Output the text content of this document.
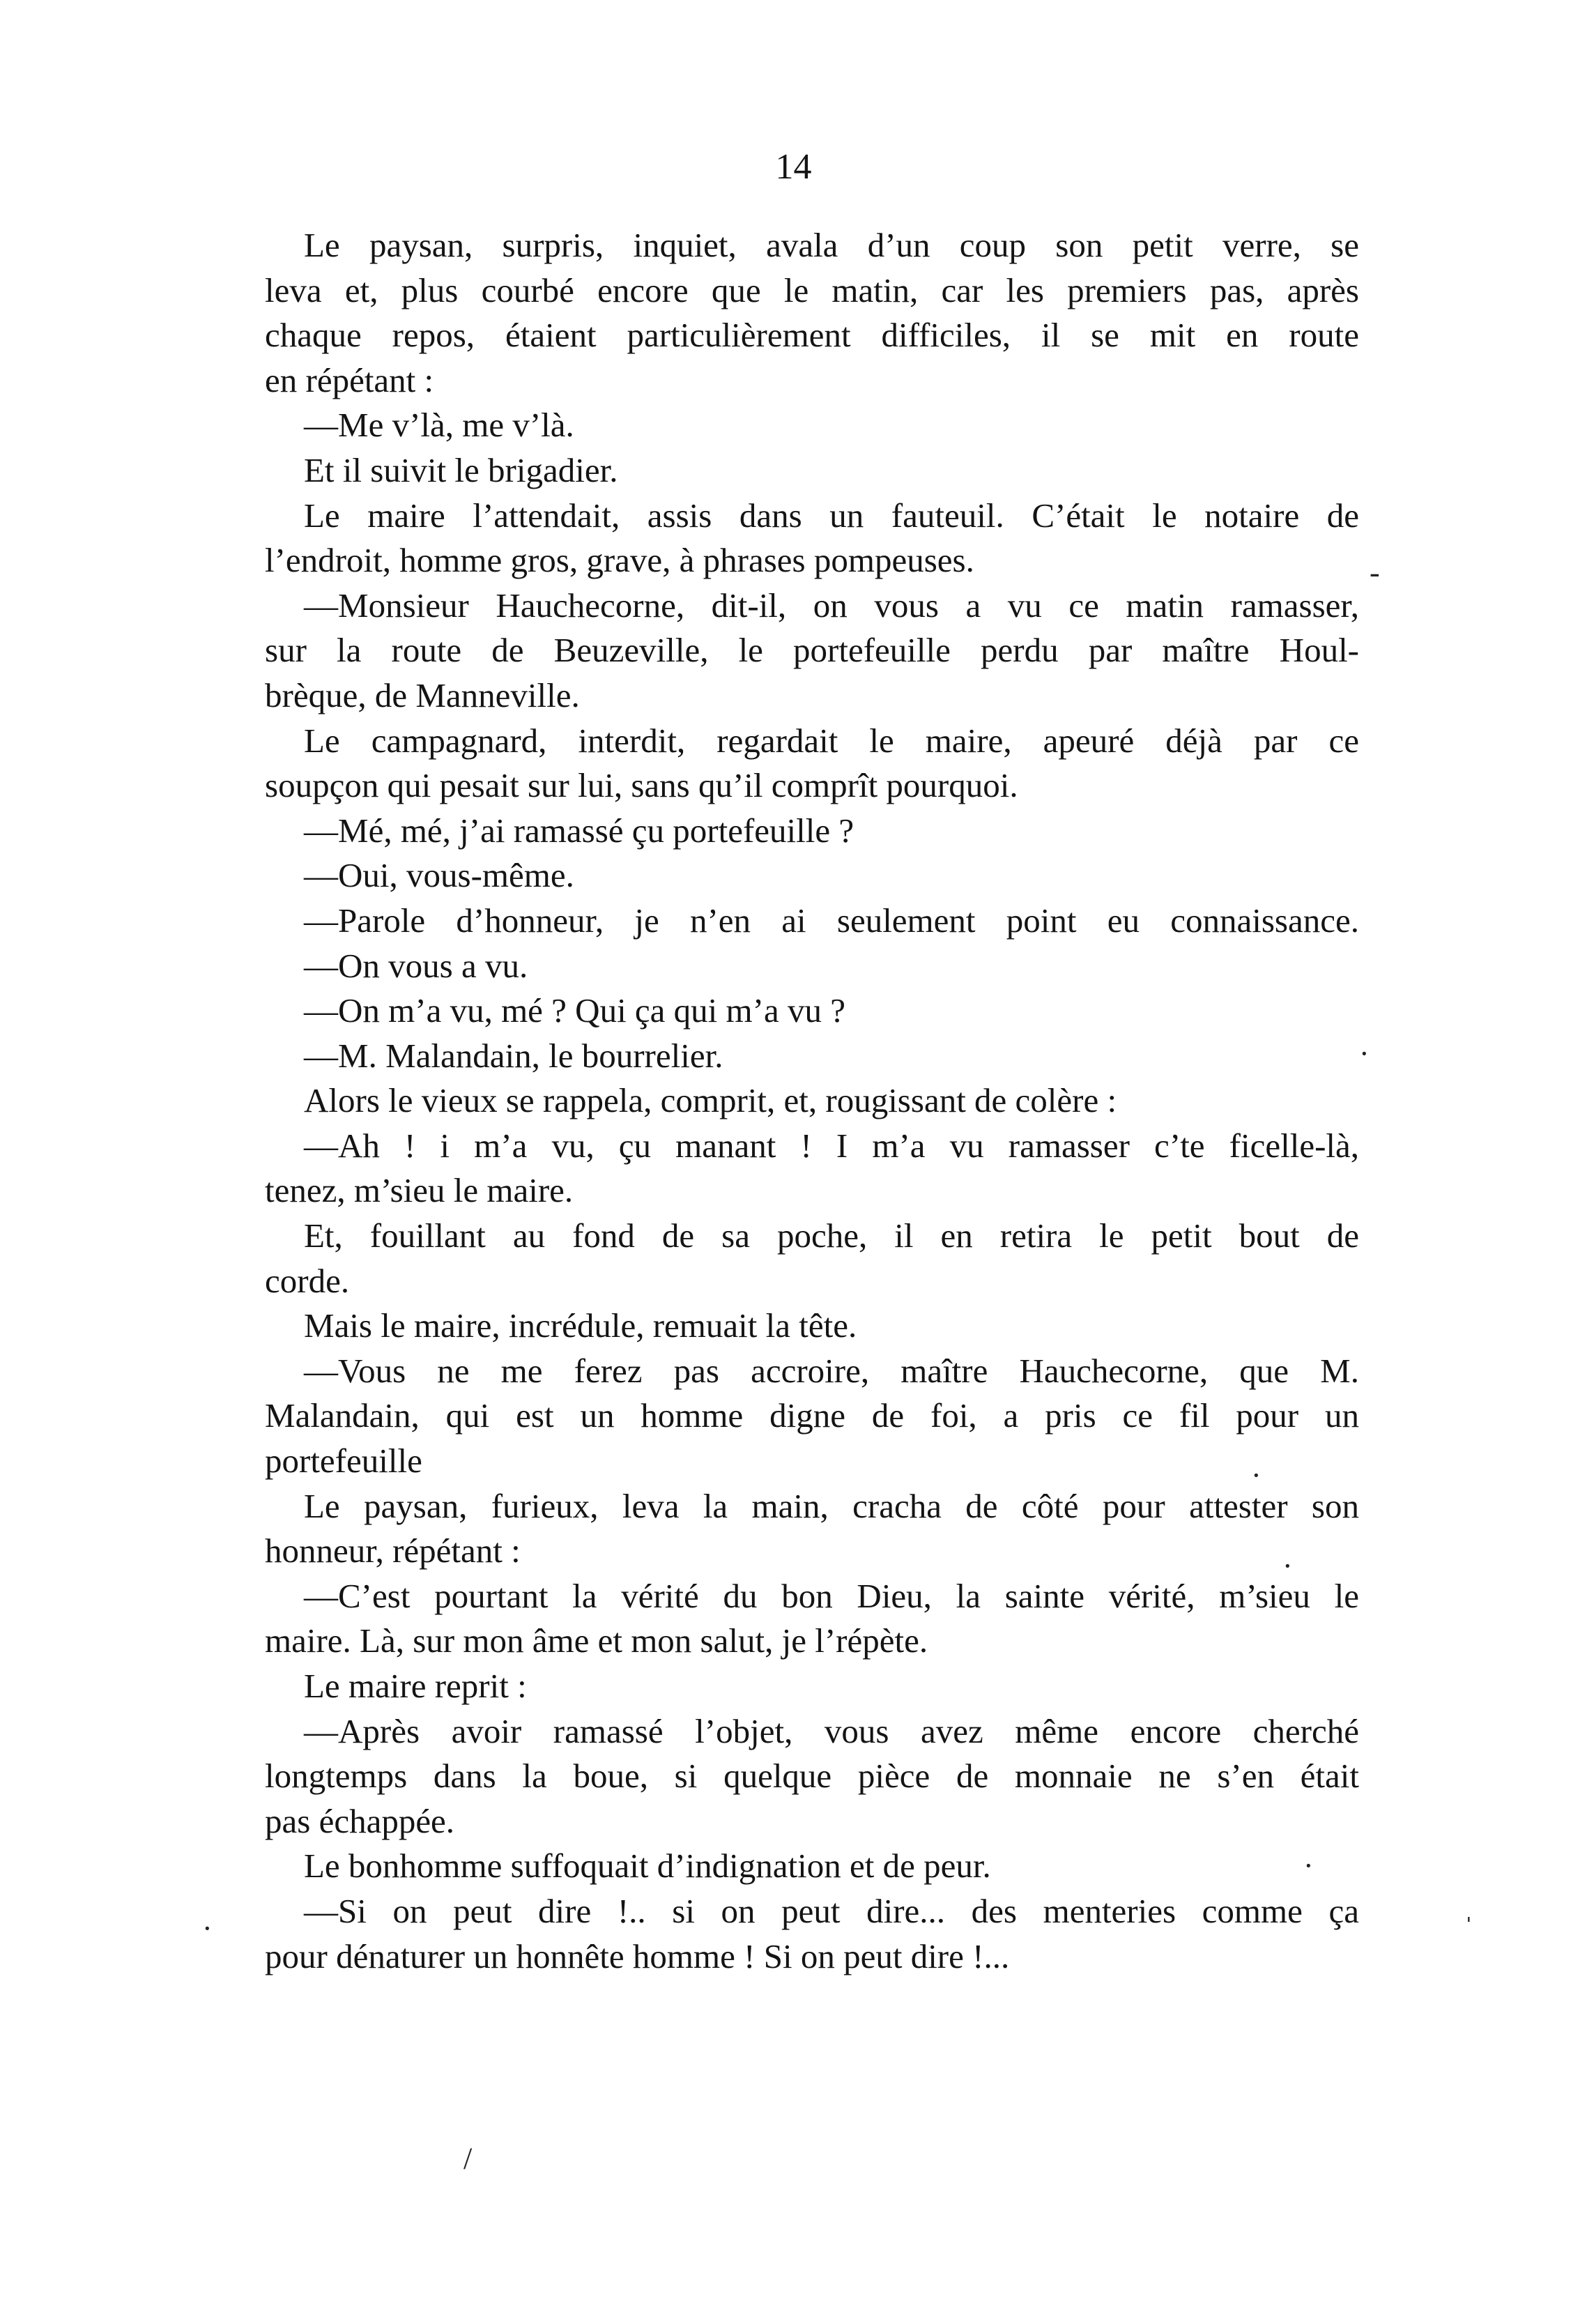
14
Le paysan, surpris, inquiet, avala d’un coup son petit verre, se
leva et, plus courbé encore que le matin, car les premiers pas, après
chaque repos, étaient particulièrement difficiles, il se mit en route
en répétant :
—Me v’là, me v’là.
Et il suivit le brigadier.
Le maire l’attendait, assis dans un fauteuil. C’était le notaire de
l’endroit, homme gros, grave, à phrases pompeuses.
—Monsieur Hauchecorne, dit-il, on vous a vu ce matin ramasser,
sur la route de Beuzeville, le portefeuille perdu par maître Houl-
brèque, de Manneville.
Le campagnard, interdit, regardait le maire, apeuré déjà par ce
soupçon qui pesait sur lui, sans qu’il comprît pourquoi.
—Mé, mé, j’ai ramassé çu portefeuille ?
—Oui, vous-même.
—Parole d’honneur, je n’en ai seulement point eu connaissance.
—On vous a vu.
—On m’a vu, mé ? Qui ça qui m’a vu ?
—M. Malandain, le bourrelier.
Alors le vieux se rappela, comprit, et, rougissant de colère :
—Ah ! i m’a vu, çu manant ! I m’a vu ramasser c’te ficelle-là,
tenez, m’sieu le maire.
Et, fouillant au fond de sa poche, il en retira le petit bout de
corde.
Mais le maire, incrédule, remuait la tête.
—Vous ne me ferez pas accroire, maître Hauchecorne, que M.
Malandain, qui est un homme digne de foi, a pris ce fil pour un
portefeuille
Le paysan, furieux, leva la main, cracha de côté pour attester son
honneur, répétant :
—C’est pourtant la vérité du bon Dieu, la sainte vérité, m’sieu le
maire. Là, sur mon âme et mon salut, je l’répète.
Le maire reprit :
—Après avoir ramassé l’objet, vous avez même encore cherché
longtemps dans la boue, si quelque pièce de monnaie ne s’en était
pas échappée.
Le bonhomme suffoquait d’indignation et de peur.
—Si on peut dire !.. si on peut dire... des menteries comme ça
pour dénaturer un honnête homme ! Si on peut dire !...
-
·
·
·
·
·	ˈ
/
